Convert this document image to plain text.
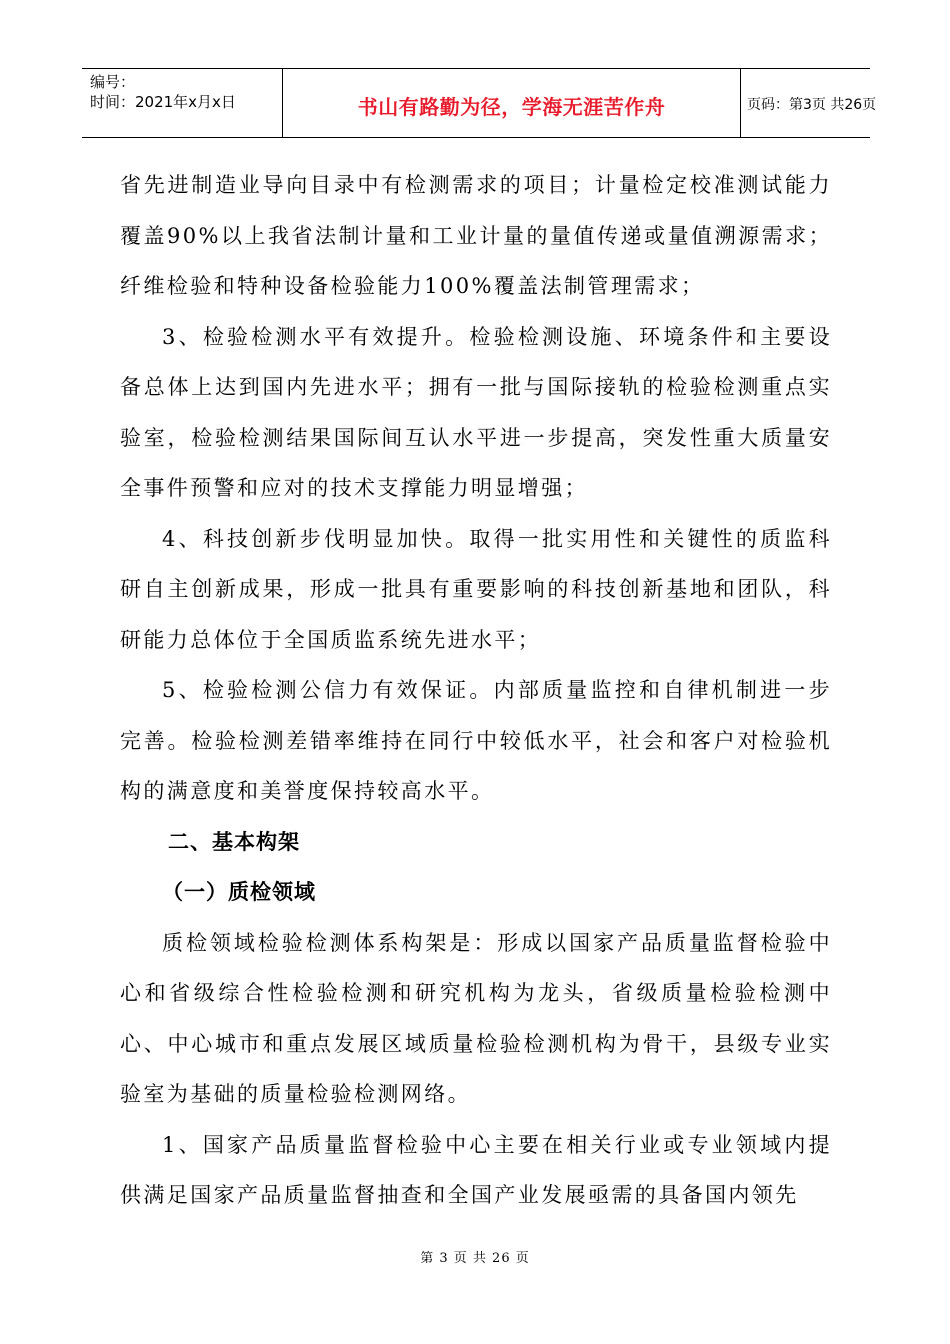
编号：
时间：2021年x月x日	书山有路勤为径，学海无涯苦作舟	页码：第3页 共26页

省先进制造业导向目录中有检测需求的项目；计量检定校准测试能力覆盖90%以上我省法制计量和工业计量的量值传递或量值溯源需求；纤维检验和特种设备检验能力100%覆盖法制管理需求；

3、检验检测水平有效提升。检验检测设施、环境条件和主要设备总体上达到国内先进水平；拥有一批与国际接轨的检验检测重点实验室，检验检测结果国际间互认水平进一步提高，突发性重大质量安全事件预警和应对的技术支撑能力明显增强；

4、科技创新步伐明显加快。取得一批实用性和关键性的质监科研自主创新成果，形成一批具有重要影响的科技创新基地和团队，科研能力总体位于全国质监系统先进水平；

5、检验检测公信力有效保证。内部质量监控和自律机制进一步完善。检验检测差错率维持在同行中较低水平，社会和客户对检验机构的满意度和美誉度保持较高水平。

二、基本构架

（一）质检领域

质检领域检验检测体系构架是：形成以国家产品质量监督检验中心和省级综合性检验检测和研究机构为龙头，省级质量检验检测中心、中心城市和重点发展区域质量检验检测机构为骨干，县级专业实验室为基础的质量检验检测网络。

1、国家产品质量监督检验中心主要在相关行业或专业领域内提供满足国家产品质量监督抽查和全国产业发展亟需的具备国内领先

第 3 页 共 26 页
